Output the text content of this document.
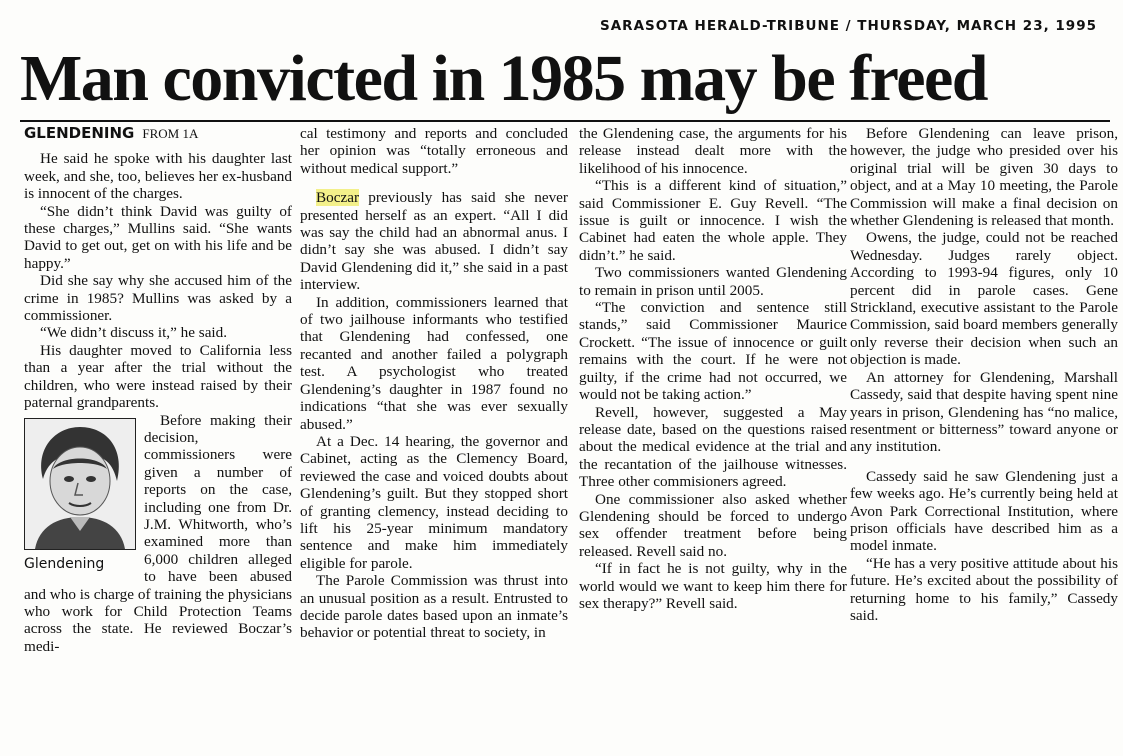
SARASOTA HERALD-TRIBUNE / THURSDAY, MARCH 23, 1995
Man convicted in 1985 may be freed
GLENDENING FROM 1A

He said he spoke with his daughter last week, and she, too, believes her ex-husband is innocent of the charges.

“She didn’t think David was guilty of these charges,” Mullins said. “She wants David to get out, get on with his life and be happy.”

Did she say why she accused him of the crime in 1985? Mullins was asked by a commissioner.

“We didn’t discuss it,” he said.

His daughter moved to California less than a year after the trial without the children, who were instead raised by their paternal grandparents.

Glendening

Before making their decision, commissioners were given a number of reports on the case, including one from Dr. J.M. Whitworth, who’s examined more than 6,000 children alleged to have been abused and who is charge of training the physicians who work for Child Protection Teams across the state. He reviewed Boczar’s medi-

cal testimony and reports and concluded her opinion was “totally erroneous and without medical support.”

Boczar previously has said she never presented herself as an expert. “All I did was say the child had an abnormal anus. I didn’t say she was abused. I didn’t say David Glendening did it,” she said in a past interview.

In addition, commissioners learned that of two jailhouse informants who testified that Glendening had confessed, one recanted and another failed a polygraph test. A psychologist who treated Glendening’s daughter in 1987 found no indications “that she was ever sexually abused.”

At a Dec. 14 hearing, the governor and Cabinet, acting as the Clemency Board, reviewed the case and voiced doubts about Glendening’s guilt. But they stopped short of granting clemency, instead deciding to lift his 25-year minimum mandatory sentence and make him immediately eligible for parole.

The Parole Commission was thrust into an unusual position as a result. Entrusted to decide parole dates based upon an inmate’s behavior or potential threat to society, in

the Glendening case, the arguments for his release instead dealt more with the likelihood of his innocence.

“This is a different kind of situation,” said Commissioner E. Guy Revell. “The issue is guilt or innocence. I wish the Cabinet had eaten the whole apple. They didn’t.” he said.

Two commissioners wanted Glendening to remain in prison until 2005.

“The conviction and sentence still stands,” said Commissioner Maurice Crockett. “The issue of innocence or guilt remains with the court. If he were not guilty, if the crime had not occurred, we would not be taking action.”

Revell, however, suggested a May release date, based on the questions raised about the medical evidence at the trial and the recantation of the jailhouse witnesses. Three other commisioners agreed.

One commissioner also asked whether Glendening should be forced to undergo sex offender treatment before being released. Revell said no.

“If in fact he is not guilty, why in the world would we want to keep him there for sex therapy?” Revell said.

Before Glendening can leave prison, however, the judge who presided over his original trial will be given 30 days to object, and at a May 10 meeting, the Parole Commission will make a final decision on whether Glendening is released that month.

Owens, the judge, could not be reached Wednesday. Judges rarely object. According to 1993-94 figures, only 10 percent did in parole cases. Gene Strickland, executive assistant to the Parole Commission, said board members generally only reverse their decision when such an objection is made.

An attorney for Glendening, Marshall Cassedy, said that despite having spent nine years in prison, Glendening has “no malice, resentment or bitterness” toward anyone or any institution.

Cassedy said he saw Glendening just a few weeks ago. He’s currently being held at Avon Park Correctional Institution, where prison officials have described him as a model inmate.

“He has a very positive attitude about his future. He’s excited about the possibility of returning home to his family,” Cassedy said.
